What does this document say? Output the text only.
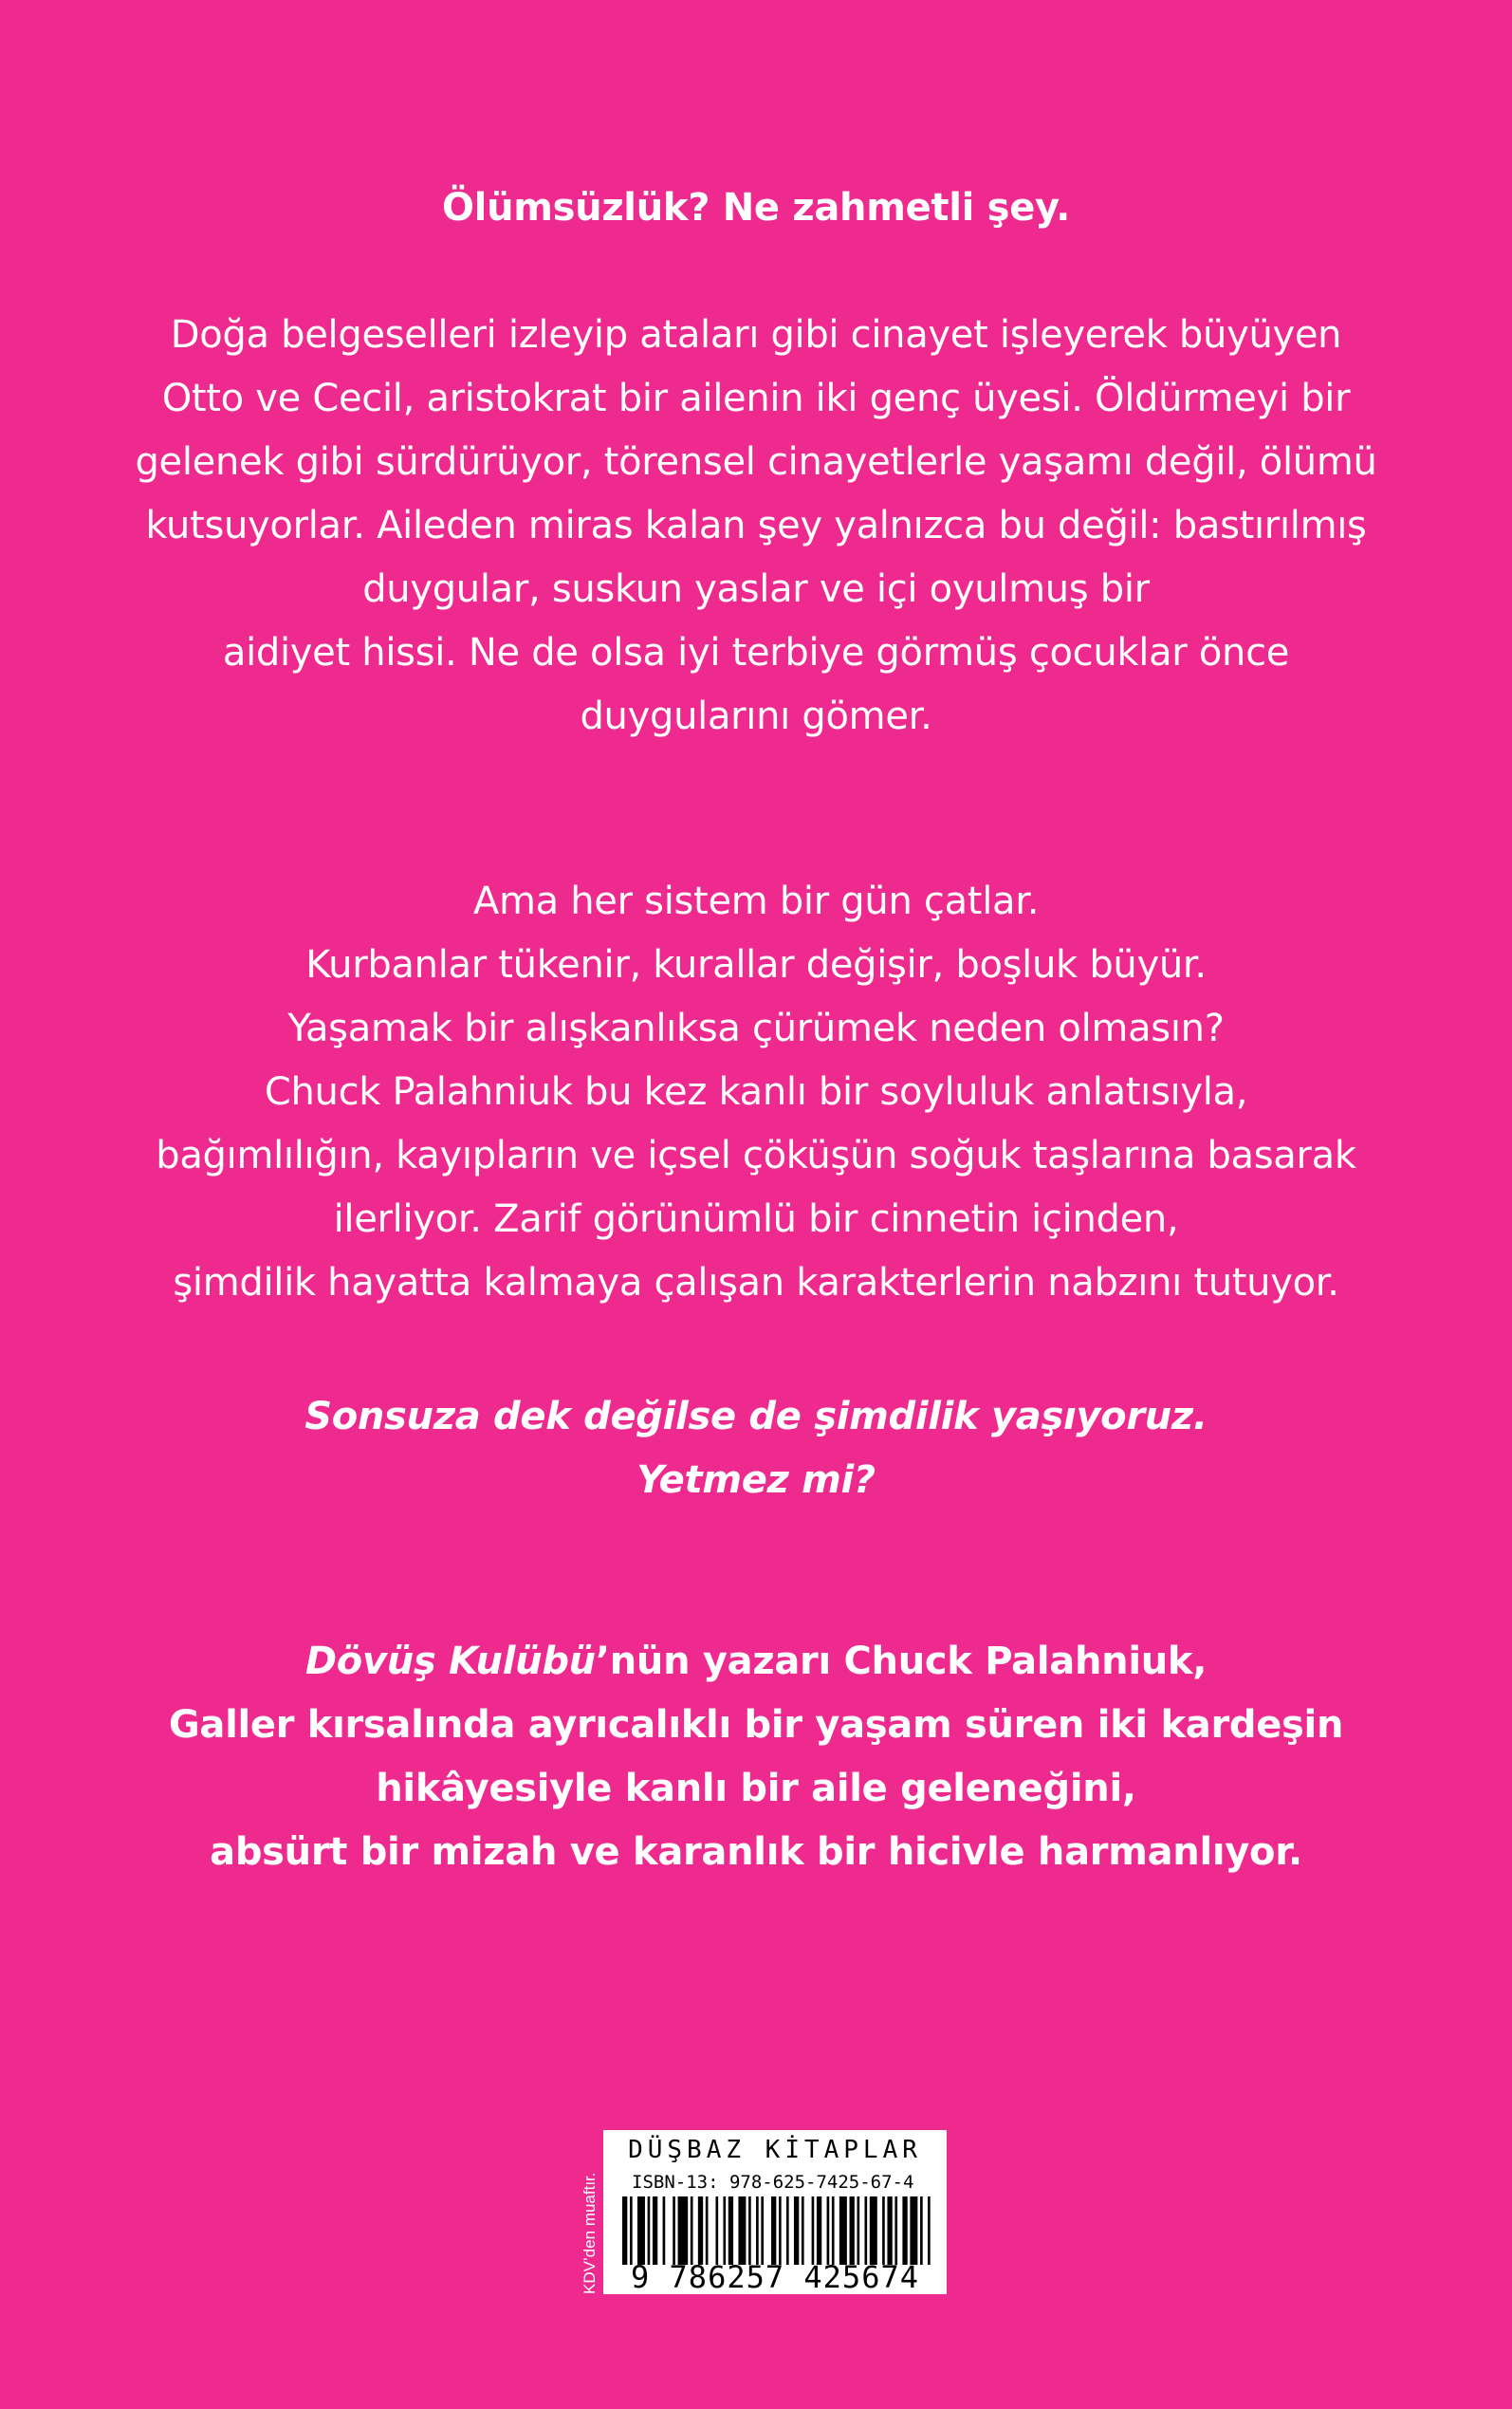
Ölümsüzlük? Ne zahmetli şey.
Doğa belgeselleri izleyip ataları gibi cinayet işleyerek büyüyen
Otto ve Cecil, aristokrat bir ailenin iki genç üyesi. Öldürmeyi bir
gelenek gibi sürdürüyor, törensel cinayetlerle yaşamı değil, ölümü
kutsuyorlar. Aileden miras kalan şey yalnızca bu değil: bastırılmış
duygular, suskun yaslar ve içi oyulmuş bir
aidiyet hissi. Ne de olsa iyi terbiye görmüş çocuklar önce
duygularını gömer.
Ama her sistem bir gün çatlar.
Kurbanlar tükenir, kurallar değişir, boşluk büyür.
Yaşamak bir alışkanlıksa çürümek neden olmasın?
Chuck Palahniuk bu kez kanlı bir soyluluk anlatısıyla,
bağımlılığın, kayıpların ve içsel çöküşün soğuk taşlarına basarak
ilerliyor. Zarif görünümlü bir cinnetin içinden,
şimdilik hayatta kalmaya çalışan karakterlerin nabzını tutuyor.
Sonsuza dek değilse de şimdilik yaşıyoruz.
Yetmez mi?
Dövüş Kulübü’nün yazarı Chuck Palahniuk,
Galler kırsalında ayrıcalıklı bir yaşam süren iki kardeşin
hikâyesiyle kanlı bir aile geleneğini,
absürt bir mizah ve karanlık bir hicivle harmanlıyor.
KDV’den muaftır.
DÜŞBAZ KİTAPLAR
ISBN-13: 978-625-7425-67-4
9 786257 425674
